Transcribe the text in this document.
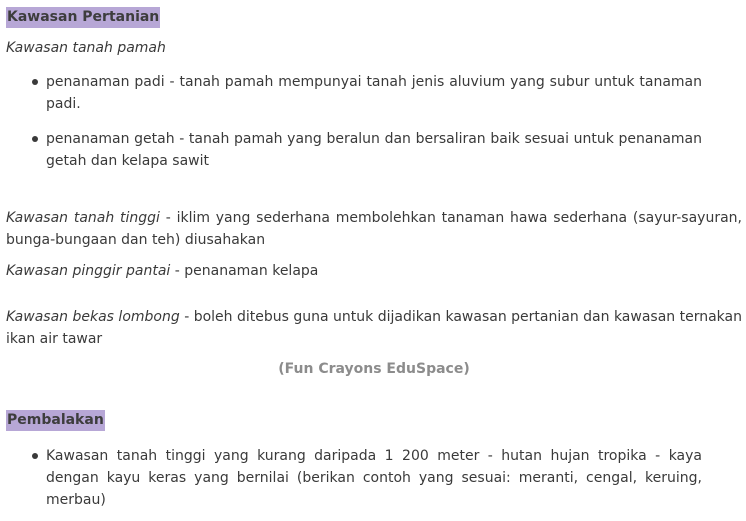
Kawasan Pertanian
Kawasan tanah pamah
penanaman padi - tanah pamah mempunyai tanah jenis aluvium yang subur untuk tanaman padi.
penanaman getah - tanah pamah yang beralun dan bersaliran baik sesuai untuk penanaman getah dan kelapa sawit
Kawasan tanah tinggi - iklim yang sederhana membolehkan tanaman hawa sederhana (sayur-sayuran, bunga-bungaan dan teh) diusahakan
Kawasan pinggir pantai - penanaman kelapa
Kawasan bekas lombong - boleh ditebus guna untuk dijadikan kawasan pertanian dan kawasan ternakan ikan air tawar
(Fun Crayons EduSpace)
Pembalakan
Kawasan tanah tinggi yang kurang daripada 1 200 meter - hutan hujan tropika - kaya dengan kayu keras yang bernilai (berikan contoh yang sesuai: meranti, cengal, keruing, merbau)
